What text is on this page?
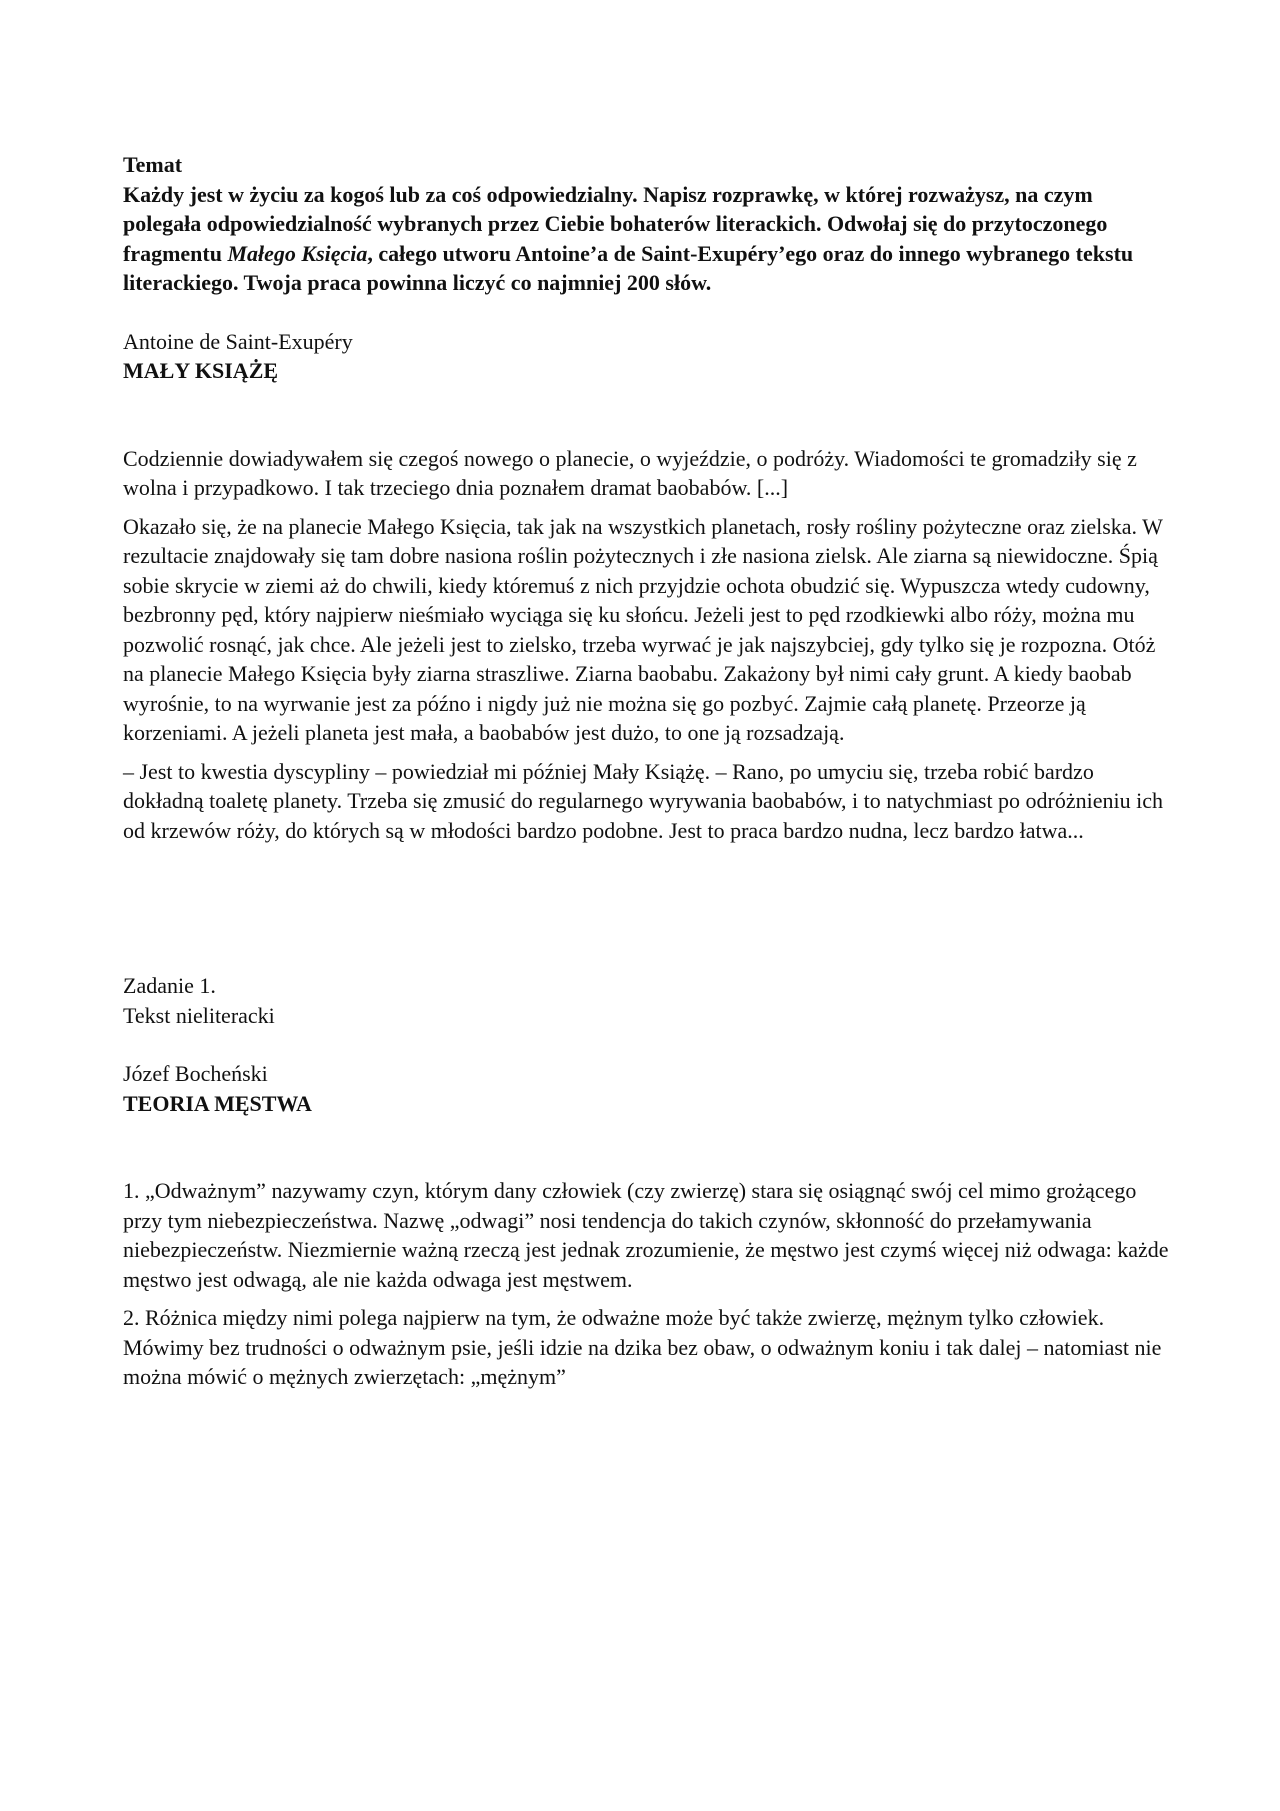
Temat

Każdy jest w życiu za kogoś lub za coś odpowiedzialny. Napisz rozprawkę, w której rozważysz, na czym polegała odpowiedzialność wybranych przez Ciebie bohaterów literackich. Odwołaj się do przytoczonego fragmentu Małego Księcia, całego utworu Antoine’a de Saint-Exupéry’ego oraz do innego wybranego tekstu literackiego. Twoja praca powinna liczyć co najmniej 200 słów.

Antoine de Saint-Exupéry

MAŁY KSIĄŻĘ

Codziennie dowiadywałem się czegoś nowego o planecie, o wyjeździe, o podróży. Wiadomości te gromadziły się z wolna i przypadkowo. I tak trzeciego dnia poznałem dramat baobabów. [...]

Okazało się, że na planecie Małego Księcia, tak jak na wszystkich planetach, rosły rośliny pożyteczne oraz zielska. W rezultacie znajdowały się tam dobre nasiona roślin pożytecznych i złe nasiona zielsk. Ale ziarna są niewidoczne. Śpią sobie skrycie w ziemi aż do chwili, kiedy któremuś z nich przyjdzie ochota obudzić się. Wypuszcza wtedy cudowny, bezbronny pęd, który najpierw nieśmiało wyciąga się ku słońcu. Jeżeli jest to pęd rzodkiewki albo róży, można mu pozwolić rosnąć, jak chce. Ale jeżeli jest to zielsko, trzeba wyrwać je jak najszybciej, gdy tylko się je rozpozna. Otóż na planecie Małego Księcia były ziarna straszliwe. Ziarna baobabu. Zakażony był nimi cały grunt. A kiedy baobab wyrośnie, to na wyrwanie jest za późno i nigdy już nie można się go pozbyć. Zajmie całą planetę. Przeorze ją korzeniami. A jeżeli planeta jest mała, a baobabów jest dużo, to one ją rozsadzają.

– Jest to kwestia dyscypliny – powiedział mi później Mały Książę. – Rano, po umyciu się, trzeba robić bardzo dokładną toaletę planety. Trzeba się zmusić do regularnego wyrywania baobabów, i to natychmiast po odróżnieniu ich od krzewów róży, do których są w młodości bardzo podobne. Jest to praca bardzo nudna, lecz bardzo łatwa...

Zadanie 1.

Tekst nieliteracki

Józef Bocheński

TEORIA MĘSTWA

1. „Odważnym” nazywamy czyn, którym dany człowiek (czy zwierzę) stara się osiągnąć swój cel mimo grożącego przy tym niebezpieczeństwa. Nazwę „odwagi” nosi tendencja do takich czynów, skłonność do przełamywania niebezpieczeństw. Niezmiernie ważną rzeczą jest jednak zrozumienie, że męstwo jest czymś więcej niż odwaga: każde męstwo jest odwagą, ale nie każda odwaga jest męstwem.

2. Różnica między nimi polega najpierw na tym, że odważne może być także zwierzę, mężnym tylko człowiek. Mówimy bez trudności o odważnym psie, jeśli idzie na dzika bez obaw, o odważnym koniu i tak dalej – natomiast nie można mówić o mężnych zwierzętach: „mężnym”
